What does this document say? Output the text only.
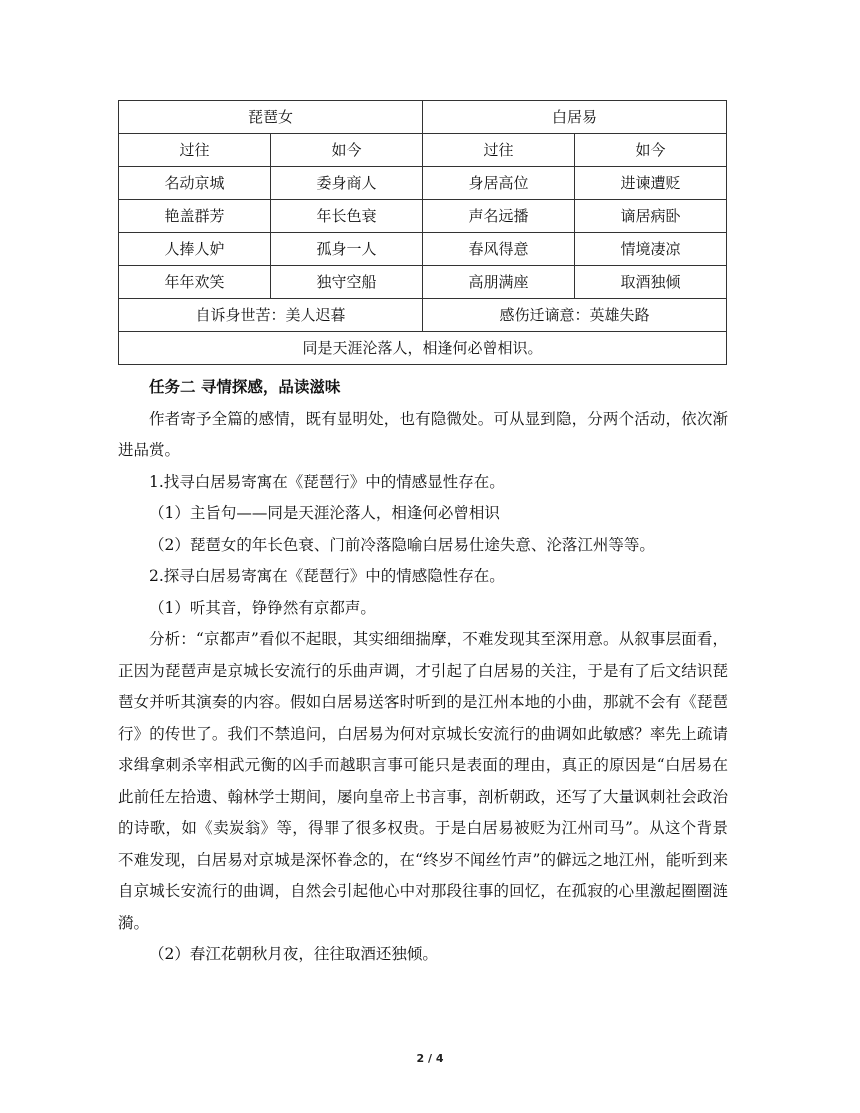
琵琶女		白居易	
过往	如今	过往	如今
名动京城	委身商人	身居高位	进谏遭贬
艳盖群芳	年长色衰	声名远播	谪居病卧
人捧人妒	孤身一人	春风得意	情境凄凉
年年欢笑	独守空船	高朋满座	取酒独倾
自诉身世苦：美人迟暮		感伤迁谪意：英雄失路	
同是天涯沦落人，相逢何必曾相识。			

任务二 寻情探感，品读滋味

作者寄予全篇的感情，既有显明处，也有隐微处。可从显到隐，分两个活动，依次渐进品赏。

1.找寻白居易寄寓在《琵琶行》中的情感显性存在。

（1）主旨句——同是天涯沦落人，相逢何必曾相识

（2）琵琶女的年长色衰、门前冷落隐喻白居易仕途失意、沦落江州等等。

2.探寻白居易寄寓在《琵琶行》中的情感隐性存在。

（1）听其音，铮铮然有京都声。

分析：“京都声”看似不起眼，其实细细揣摩，不难发现其至深用意。从叙事层面看，正因为琵琶声是京城长安流行的乐曲声调，才引起了白居易的关注，于是有了后文结识琵琶女并听其演奏的内容。假如白居易送客时听到的是江州本地的小曲，那就不会有《琵琶行》的传世了。我们不禁追问，白居易为何对京城长安流行的曲调如此敏感？率先上疏请求缉拿刺杀宰相武元衡的凶手而越职言事可能只是表面的理由，真正的原因是“白居易在此前任左拾遗、翰林学士期间，屡向皇帝上书言事，剖析朝政，还写了大量讽刺社会政治的诗歌，如《卖炭翁》等，得罪了很多权贵。于是白居易被贬为江州司马”。从这个背景不难发现，白居易对京城是深怀眷念的，在“终岁不闻丝竹声”的僻远之地江州，能听到来自京城长安流行的曲调，自然会引起他心中对那段往事的回忆，在孤寂的心里激起圈圈涟漪。

（2）春江花朝秋月夜，往往取酒还独倾。

2 / 4
